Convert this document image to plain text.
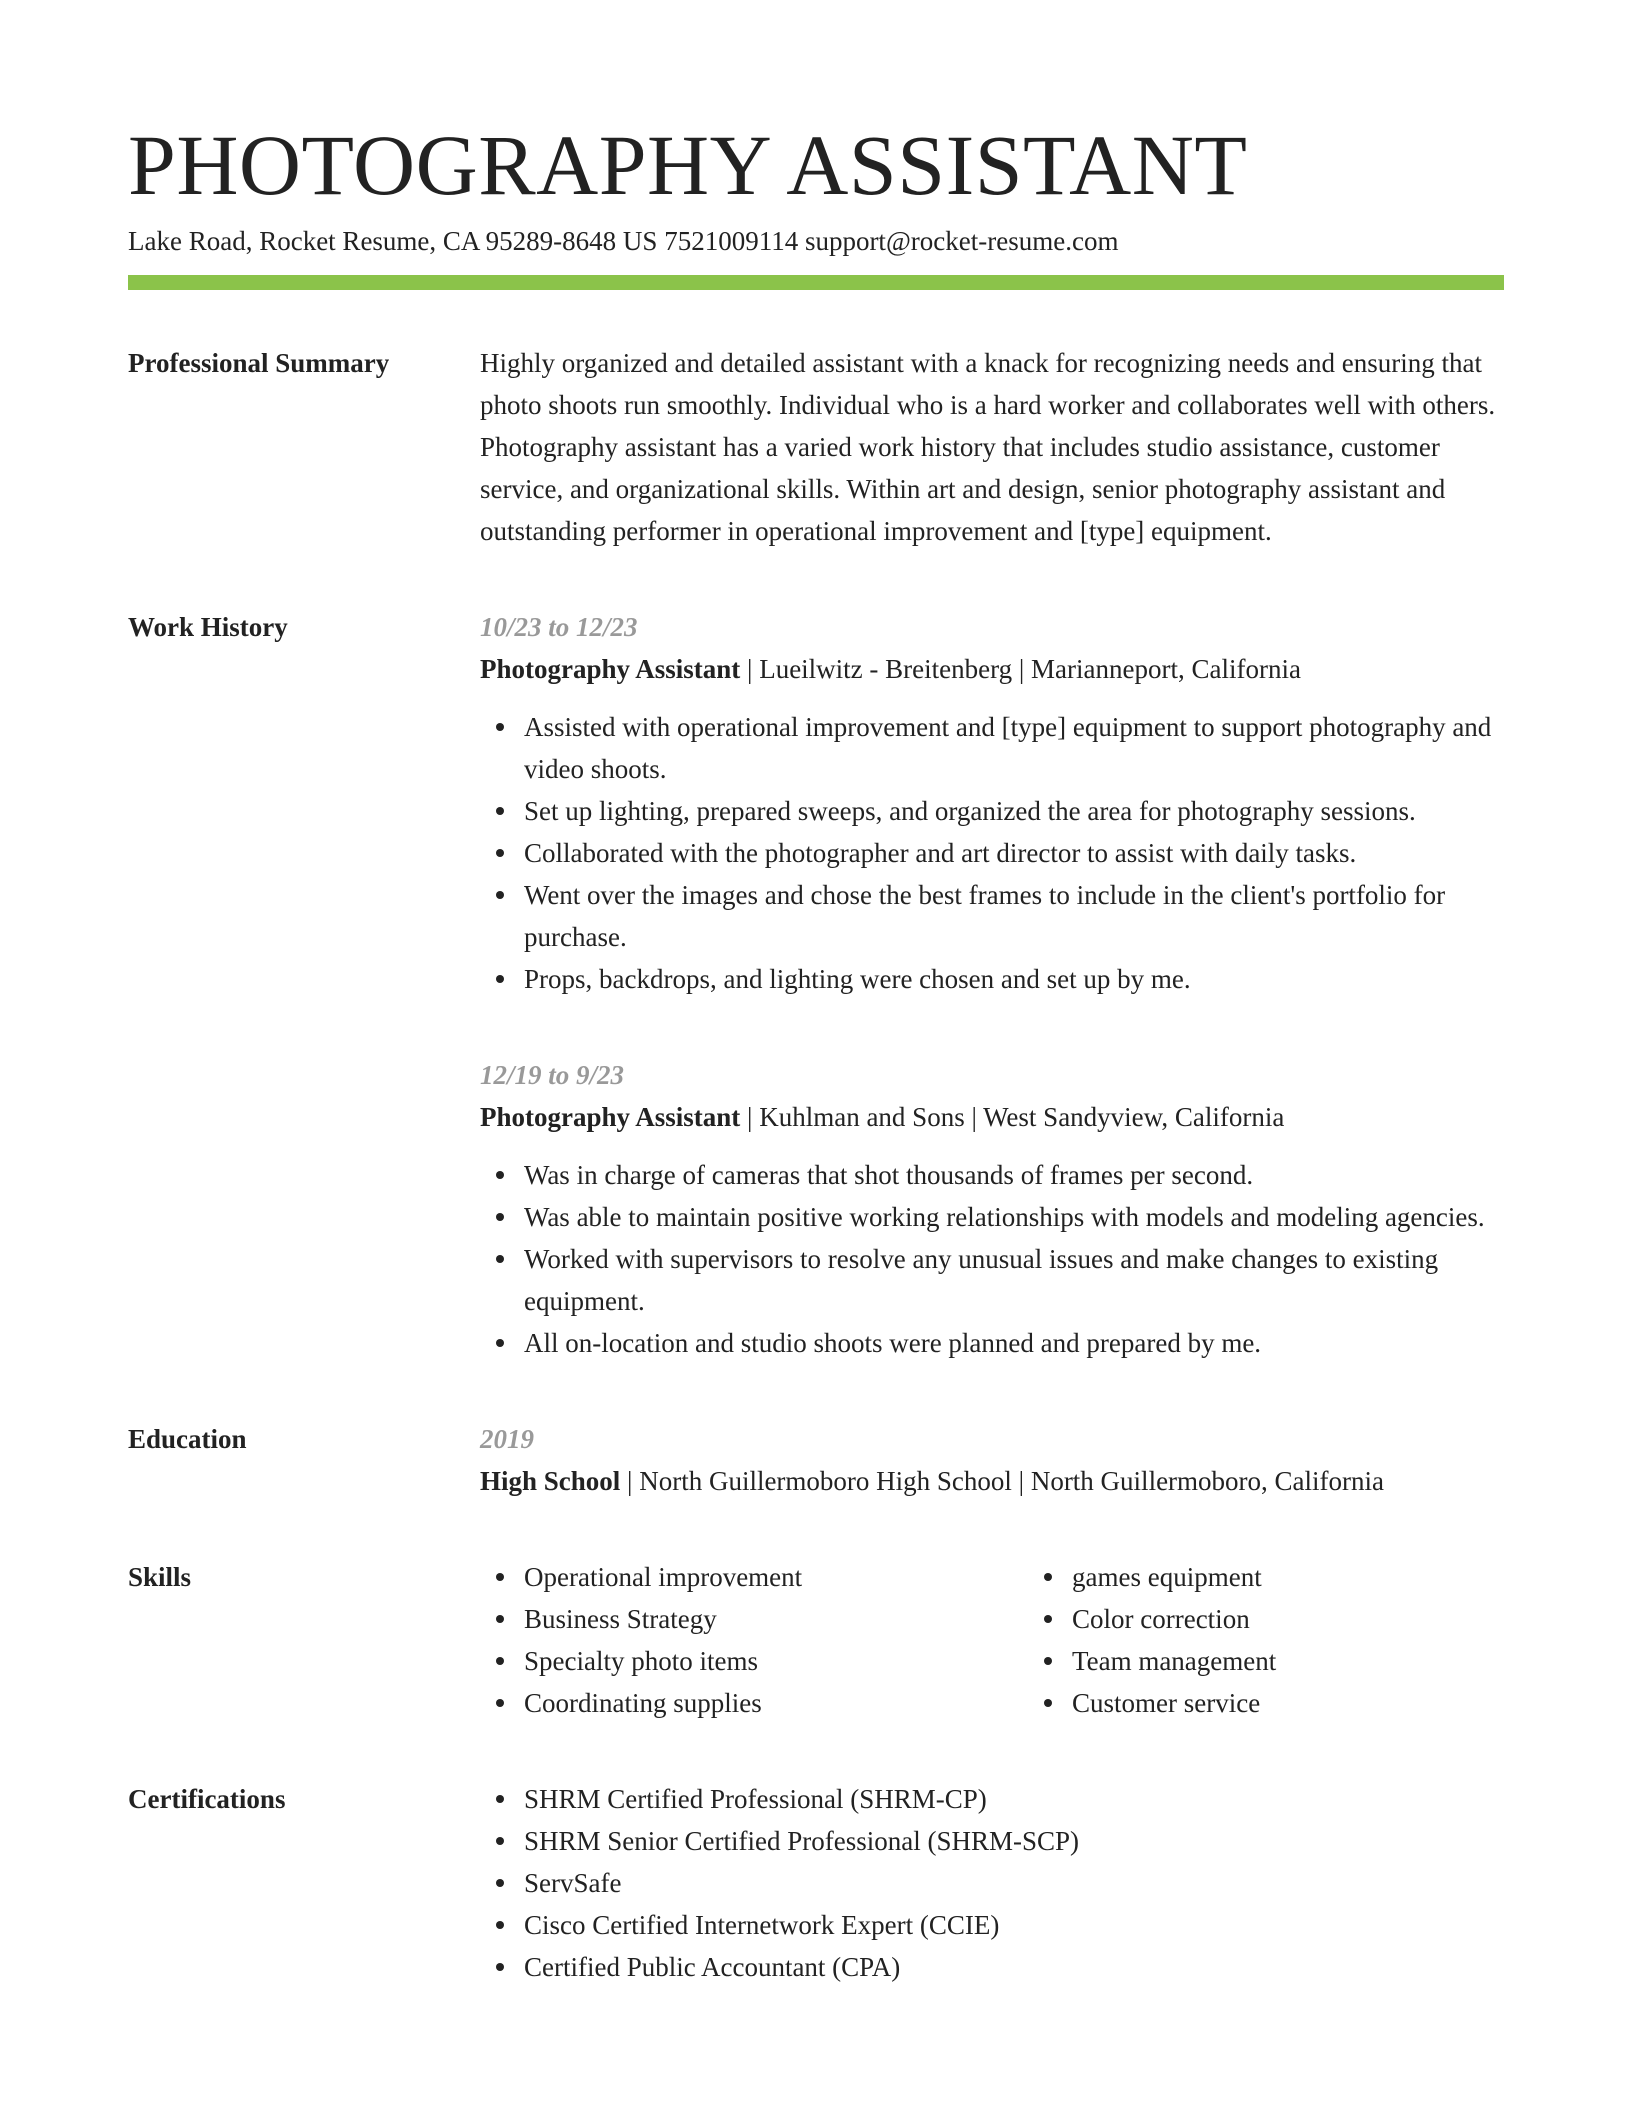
PHOTOGRAPHY ASSISTANT
Lake Road, Rocket Resume, CA 95289-8648 US 7521009114 support@rocket-resume.com
Professional Summary	Highly organized and detailed assistant with a knack for recognizing needs and ensuring that photo shoots run smoothly. Individual who is a hard worker and collaborates well with others. Photography assistant has a varied work history that includes studio assistance, customer service, and organizational skills. Within art and design, senior photography assistant and outstanding performer in operational improvement and [type] equipment.

Work History	10/23 to 12/23
Photography Assistant | Lueilwitz - Breitenberg | Marianneport, California
Assisted with operational improvement and [type] equipment to support photography and video shoots.
Set up lighting, prepared sweeps, and organized the area for photography sessions.
Collaborated with the photographer and art director to assist with daily tasks.
Went over the images and chose the best frames to include in the client's portfolio for purchase.
Props, backdrops, and lighting were chosen and set up by me.
12/19 to 9/23
Photography Assistant | Kuhlman and Sons | West Sandyview, California
Was in charge of cameras that shot thousands of frames per second.
Was able to maintain positive working relationships with models and modeling agencies.
Worked with supervisors to resolve any unusual issues and make changes to existing equipment.
All on-location and studio shoots were planned and prepared by me.
Education	2019
High School | North Guillermoboro High School | North Guillermoboro, California
Skills	Operational improvement
Business Strategy
Specialty photo items
Coordinating supplies
games equipment
Color correction
Team management
Customer service
Certifications	SHRM Certified Professional (SHRM-CP)
SHRM Senior Certified Professional (SHRM-SCP)
ServSafe
Cisco Certified Internetwork Expert (CCIE)
Certified Public Accountant (CPA)
